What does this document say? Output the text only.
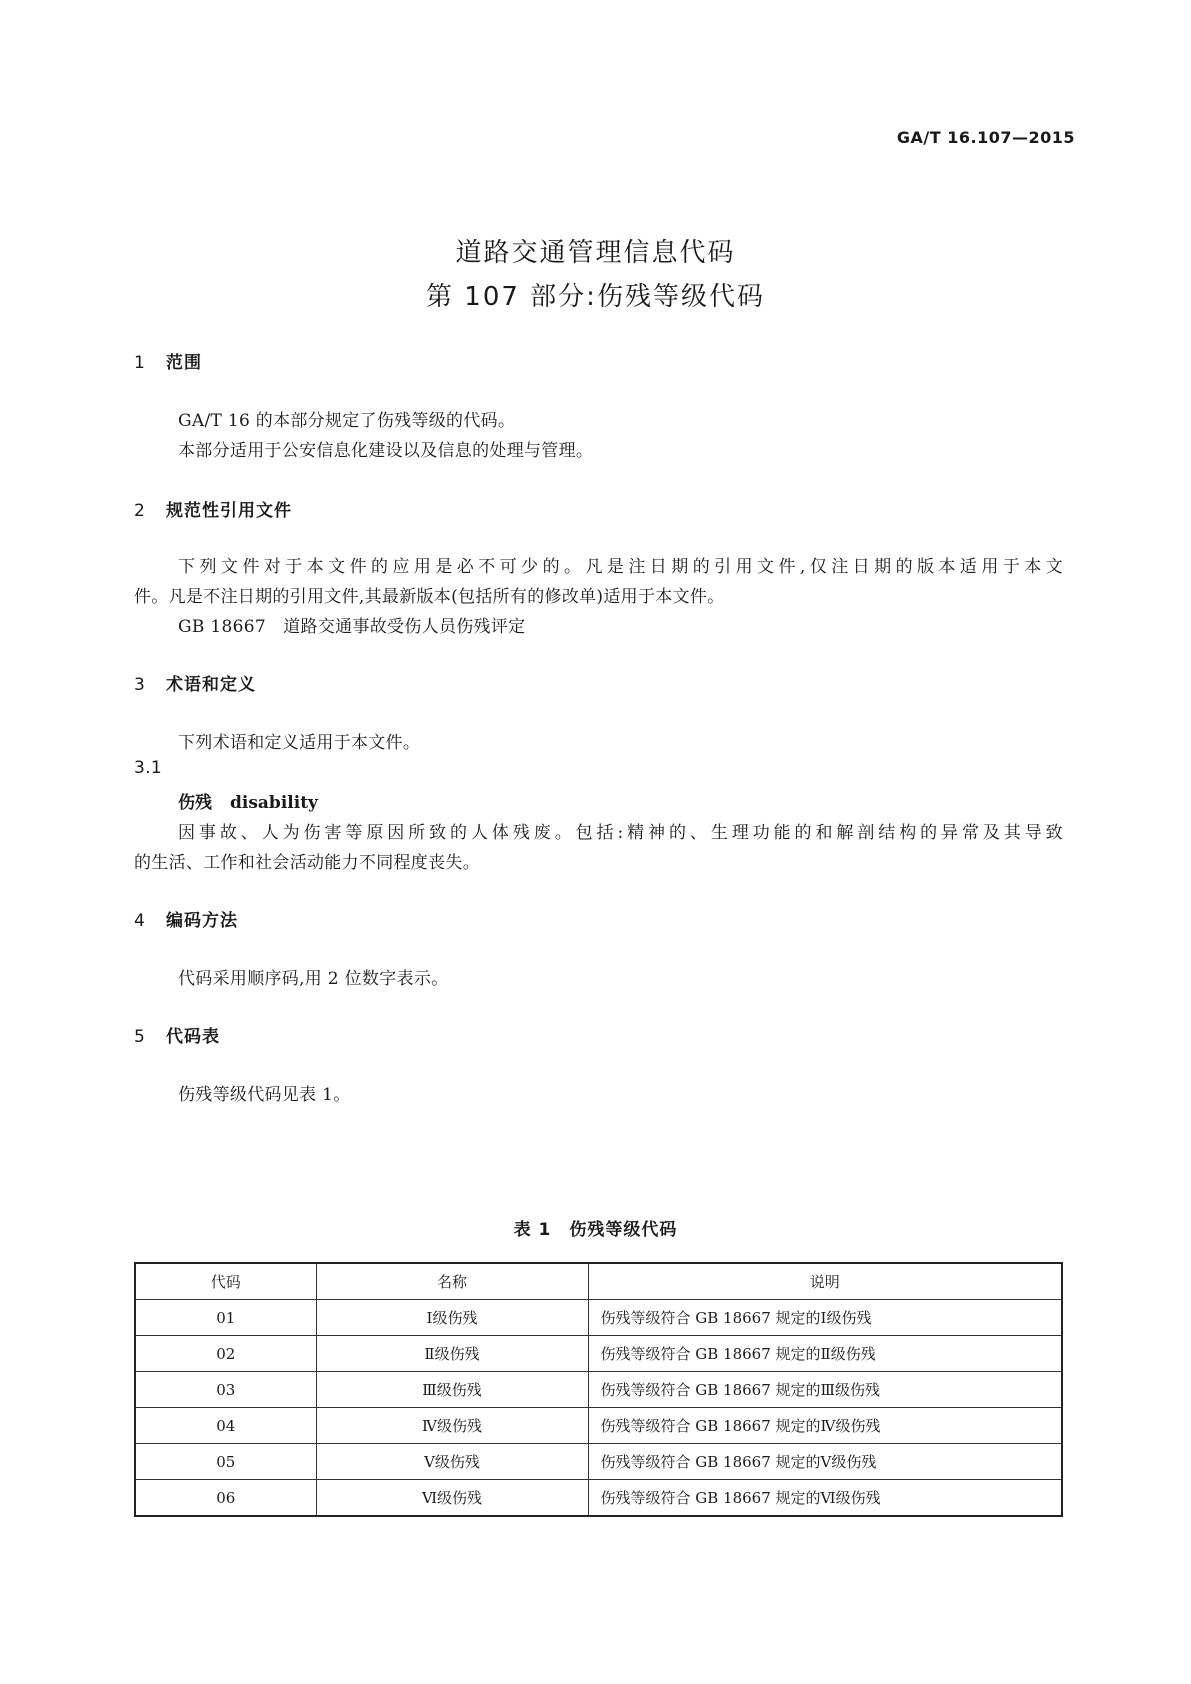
GA/T 16.107—2015
道路交通管理信息代码
第 107 部分:伤残等级代码
1 范围
GA/T 16 的本部分规定了伤残等级的代码。
本部分适用于公安信息化建设以及信息的处理与管理。
2 规范性引用文件
下列文件对于本文件的应用是必不可少的。凡是注日期的引用文件,仅注日期的版本适用于本文
件。凡是不注日期的引用文件,其最新版本(包括所有的修改单)适用于本文件。
GB 18667　道路交通事故受伤人员伤残评定
3 术语和定义
下列术语和定义适用于本文件。
3.1
伤残 disability
因事故、人为伤害等原因所致的人体残废。包括:精神的、生理功能的和解剖结构的异常及其导致
的生活、工作和社会活动能力不同程度丧失。
4 编码方法
代码采用顺序码,用 2 位数字表示。
5 代码表
伤残等级代码见表 1。
表 1　伤残等级代码
代码	名称	说明
01	Ⅰ级伤残	伤残等级符合 GB 18667 规定的Ⅰ级伤残
02	Ⅱ级伤残	伤残等级符合 GB 18667 规定的Ⅱ级伤残
03	Ⅲ级伤残	伤残等级符合 GB 18667 规定的Ⅲ级伤残
04	Ⅳ级伤残	伤残等级符合 GB 18667 规定的Ⅳ级伤残
05	Ⅴ级伤残	伤残等级符合 GB 18667 规定的Ⅴ级伤残
06	Ⅵ级伤残	伤残等级符合 GB 18667 规定的Ⅵ级伤残
